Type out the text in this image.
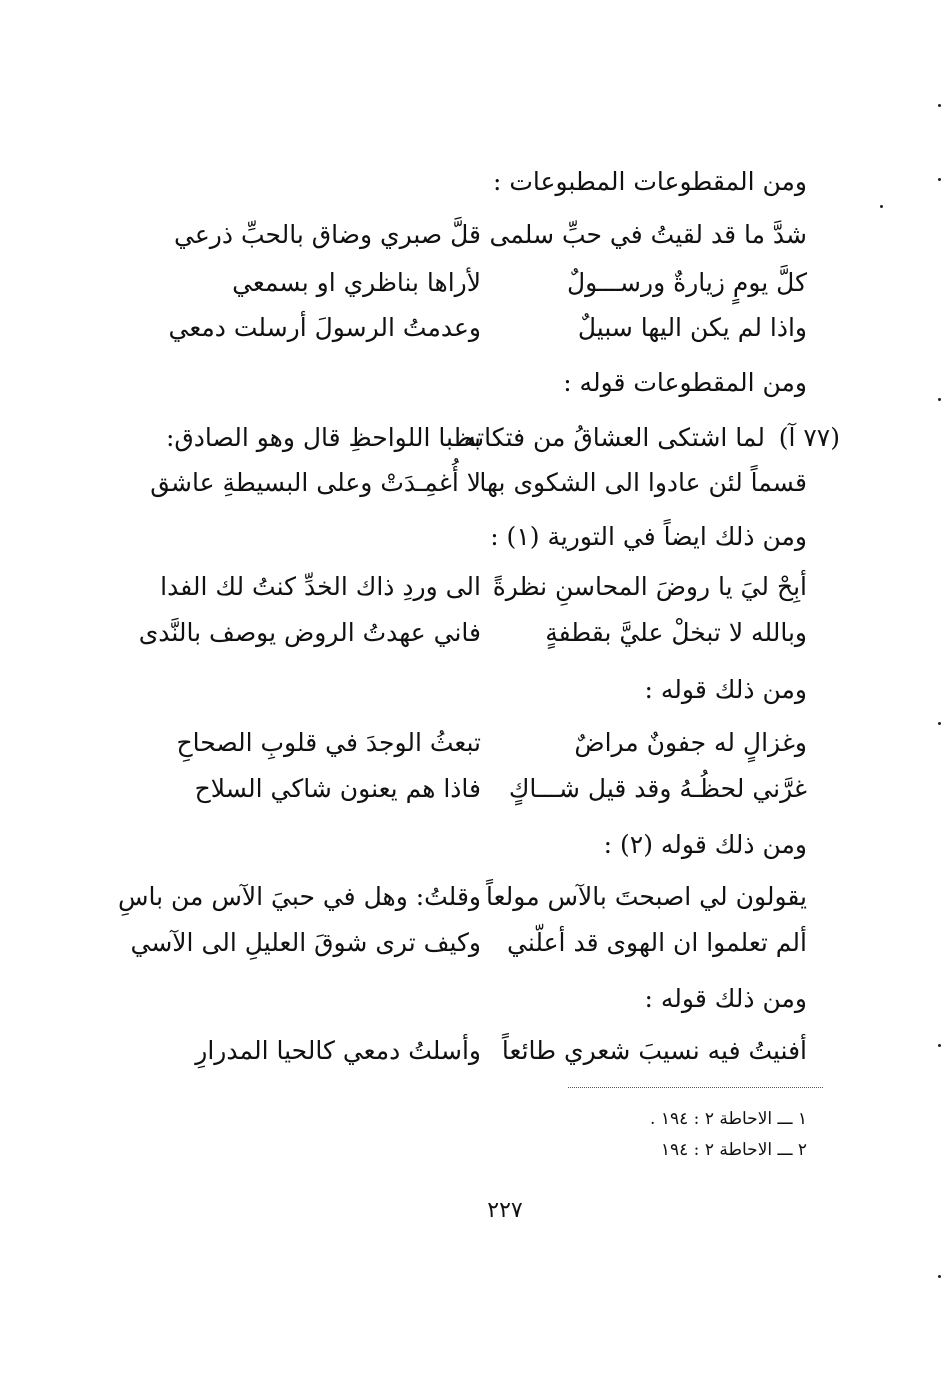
ومن المقطوعات المطبوعات :
شدَّ ما قد لقيتُ في حبِّ سلمى
قلَّ صبري وضاق بالحبِّ ذرعي
كلَّ يومٍ زيارةٌ ورســـولٌ
لأراها بناظري او بسمعي
واذا لم يكن اليها سبيلٌ
وعدمتُ الرسولَ أرسلت دمعي
ومن المقطوعات قوله :
(٧٧ آ)
لما اشتكى العشاقُ من فتكاته
بظبا اللواحظِ قال وهو الصادق:
قسماً لئن عادوا الى الشكوى بها
لا أُغمِـدَتْ وعلى البسيطةِ عاشق
ومن ذلك ايضاً في التورية (١) :
أبِحْ ليَ يا روضَ المحاسنِ نظرةً
الى وردِ ذاك الخدِّ كنتُ لك الفدا
وبالله لا تبخلْ عليَّ بقطفةٍ
فاني عهدتُ الروض يوصف بالنَّدى
ومن ذلك قوله :
وغزالٍ له جفونٌ مراضٌ
تبعثُ الوجدَ في قلوبِ الصحاحِ
غرَّني لحظُـهُ وقد قيل شـــاكٍ
فاذا هم يعنون شاكي السلاح
ومن ذلك قوله (٢) :
يقولون لي اصبحتَ بالآس مولعاً
وقلتُ: وهل في حبيَ الآس من باسِ
ألم تعلموا ان الهوى قد أعلّني
وكيف ترى شوقَ العليلِ الى الآسي
ومن ذلك قوله :
أفنيتُ فيه نسيبَ شعري طائعاً
وأسلتُ دمعي كالحيا المدرارِ
١ ـــ الاحاطة ٢ : ١٩٤ .
٢ ـــ الاحاطة ٢ : ١٩٤
٢٢٧
